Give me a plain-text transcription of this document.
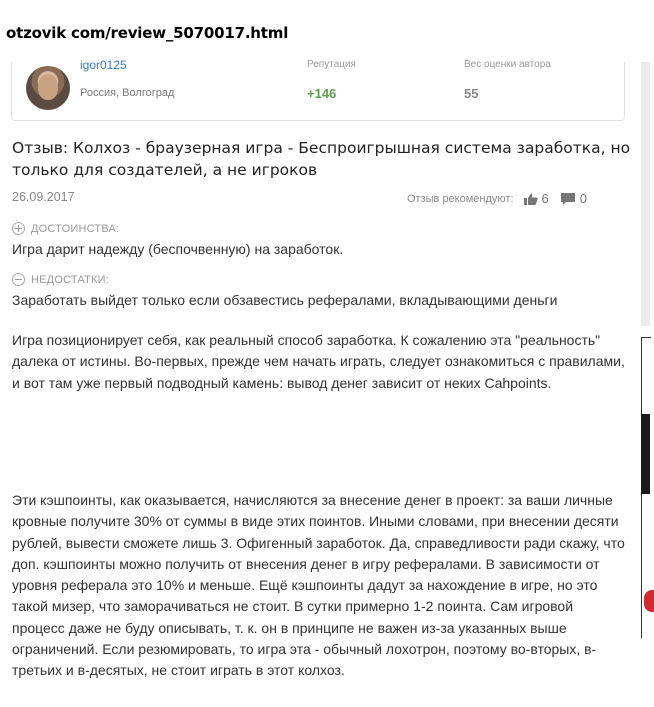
otzovik com/review_5070017.html
igor0125
Россия, Волгоград
Репутация
+146
Вес оценки автора
55
Отзыв: Колхоз - браузерная игра - Беспроигрышная система заработка, но только для создателей, а не игроков
26.09.2017	Отзыв рекомендуют: 6 0
ДОСТОИНСТВА:
Игра дарит надежду (беспочвенную) на заработок.
НЕДОСТАТКИ:
Заработать выйдет только если обзавестись рефералами, вкладывающими деньги

Игра позиционирует себя, как реальный способ заработка. К сожалению эта "реальность" далека от истины. Во-первых, прежде чем начать играть, следует ознакомиться с правилами, и вот там уже первый подводный камень: вывод денег зависит от неких Cahpoints.

Эти кэшпоинты, как оказывается, начисляются за внесение денег в проект: за ваши личные кровные получите 30% от суммы в виде этих поинтов. Иными словами, при внесении десяти рублей, вывести сможете лишь 3. Офигенный заработок. Да, справедливости ради скажу, что доп. кэшпоинты можно получить от внесения денег в игру рефералами. В зависимости от уровня реферала это 10% и меньше. Ещё кэшпоинты дадут за нахождение в игре, но это такой мизер, что заморачиваться не стоит. В сутки примерно 1-2 поинта. Сам игровой процесс даже не буду описывать, т. к. он в принципе не важен из-за указанных выше ограничений. Если резюмировать, то игра эта - обычный лохотрон, поэтому во-вторых, в-третьих и в-десятых, не стоит играть в этот колхоз.
